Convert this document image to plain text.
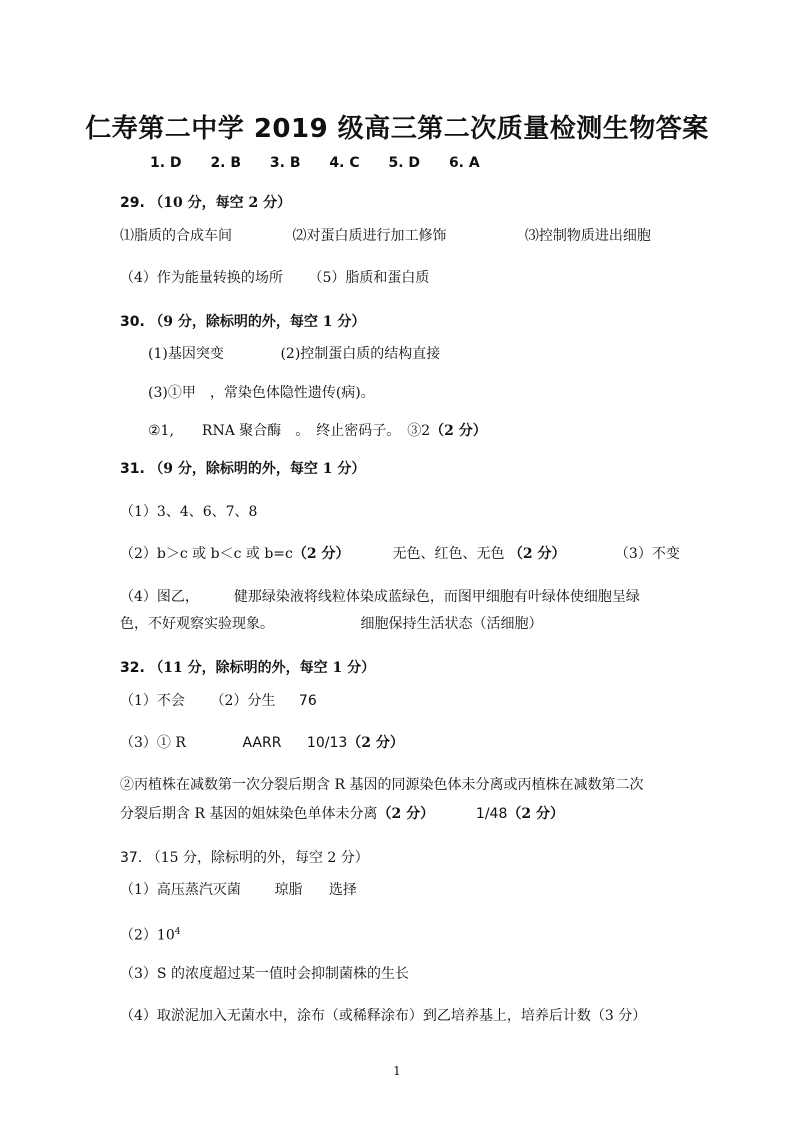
仁寿第二中学 2019 级高三第二次质量检测生物答案
1. D 2. B 3. B 4. C 5. D 6. A
29. （10 分，每空 2 分）
⑴脂质的合成车间	⑵对蛋白质进行加工修饰	⑶控制物质进出细胞
（4）作为能量转换的场所 （5）脂质和蛋白质
30. （9 分，除标明的外，每空 1 分）
(1)基因突变	(2)控制蛋白质的结构直接
(3)①甲　，常染色体隐性遗传(病)。
②1,　　RNA 聚合酶　。　终止密码子。　③2（2 分）
31. （9 分，除标明的外，每空 1 分）
（1）3、4、6、7、8
（2）b＞c 或 b＜c 或 b=c（2 分）	无色、红色、无色 （2 分）	（3）不变
（4）图乙，　　　健那绿染液将线粒体染成蓝绿色，而图甲细胞有叶绿体使细胞呈绿
色，不好观察实验现象。	细胞保持生活状态（活细胞）
32. （11 分，除标明的外，每空 1 分）
（1）不会 （2）分生 76
（3）① R	AARR 10/13（2 分）
②丙植株在减数第一次分裂后期含 R 基因的同源染色体未分离或丙植株在减数第二次
分裂后期含 R 基因的姐妹染色单体未分离（2 分）	1/48（2 分）
37. （15 分，除标明的外，每空 2 分）
（1）高压蒸汽灭菌 琼脂 选择
$(2)10^4$
（3）S 的浓度超过某一值时会抑制菌株的生长
（4）取淤泥加入无菌水中，涂布（或稀释涂布）到乙培养基上，培养后计数（3 分）
1
